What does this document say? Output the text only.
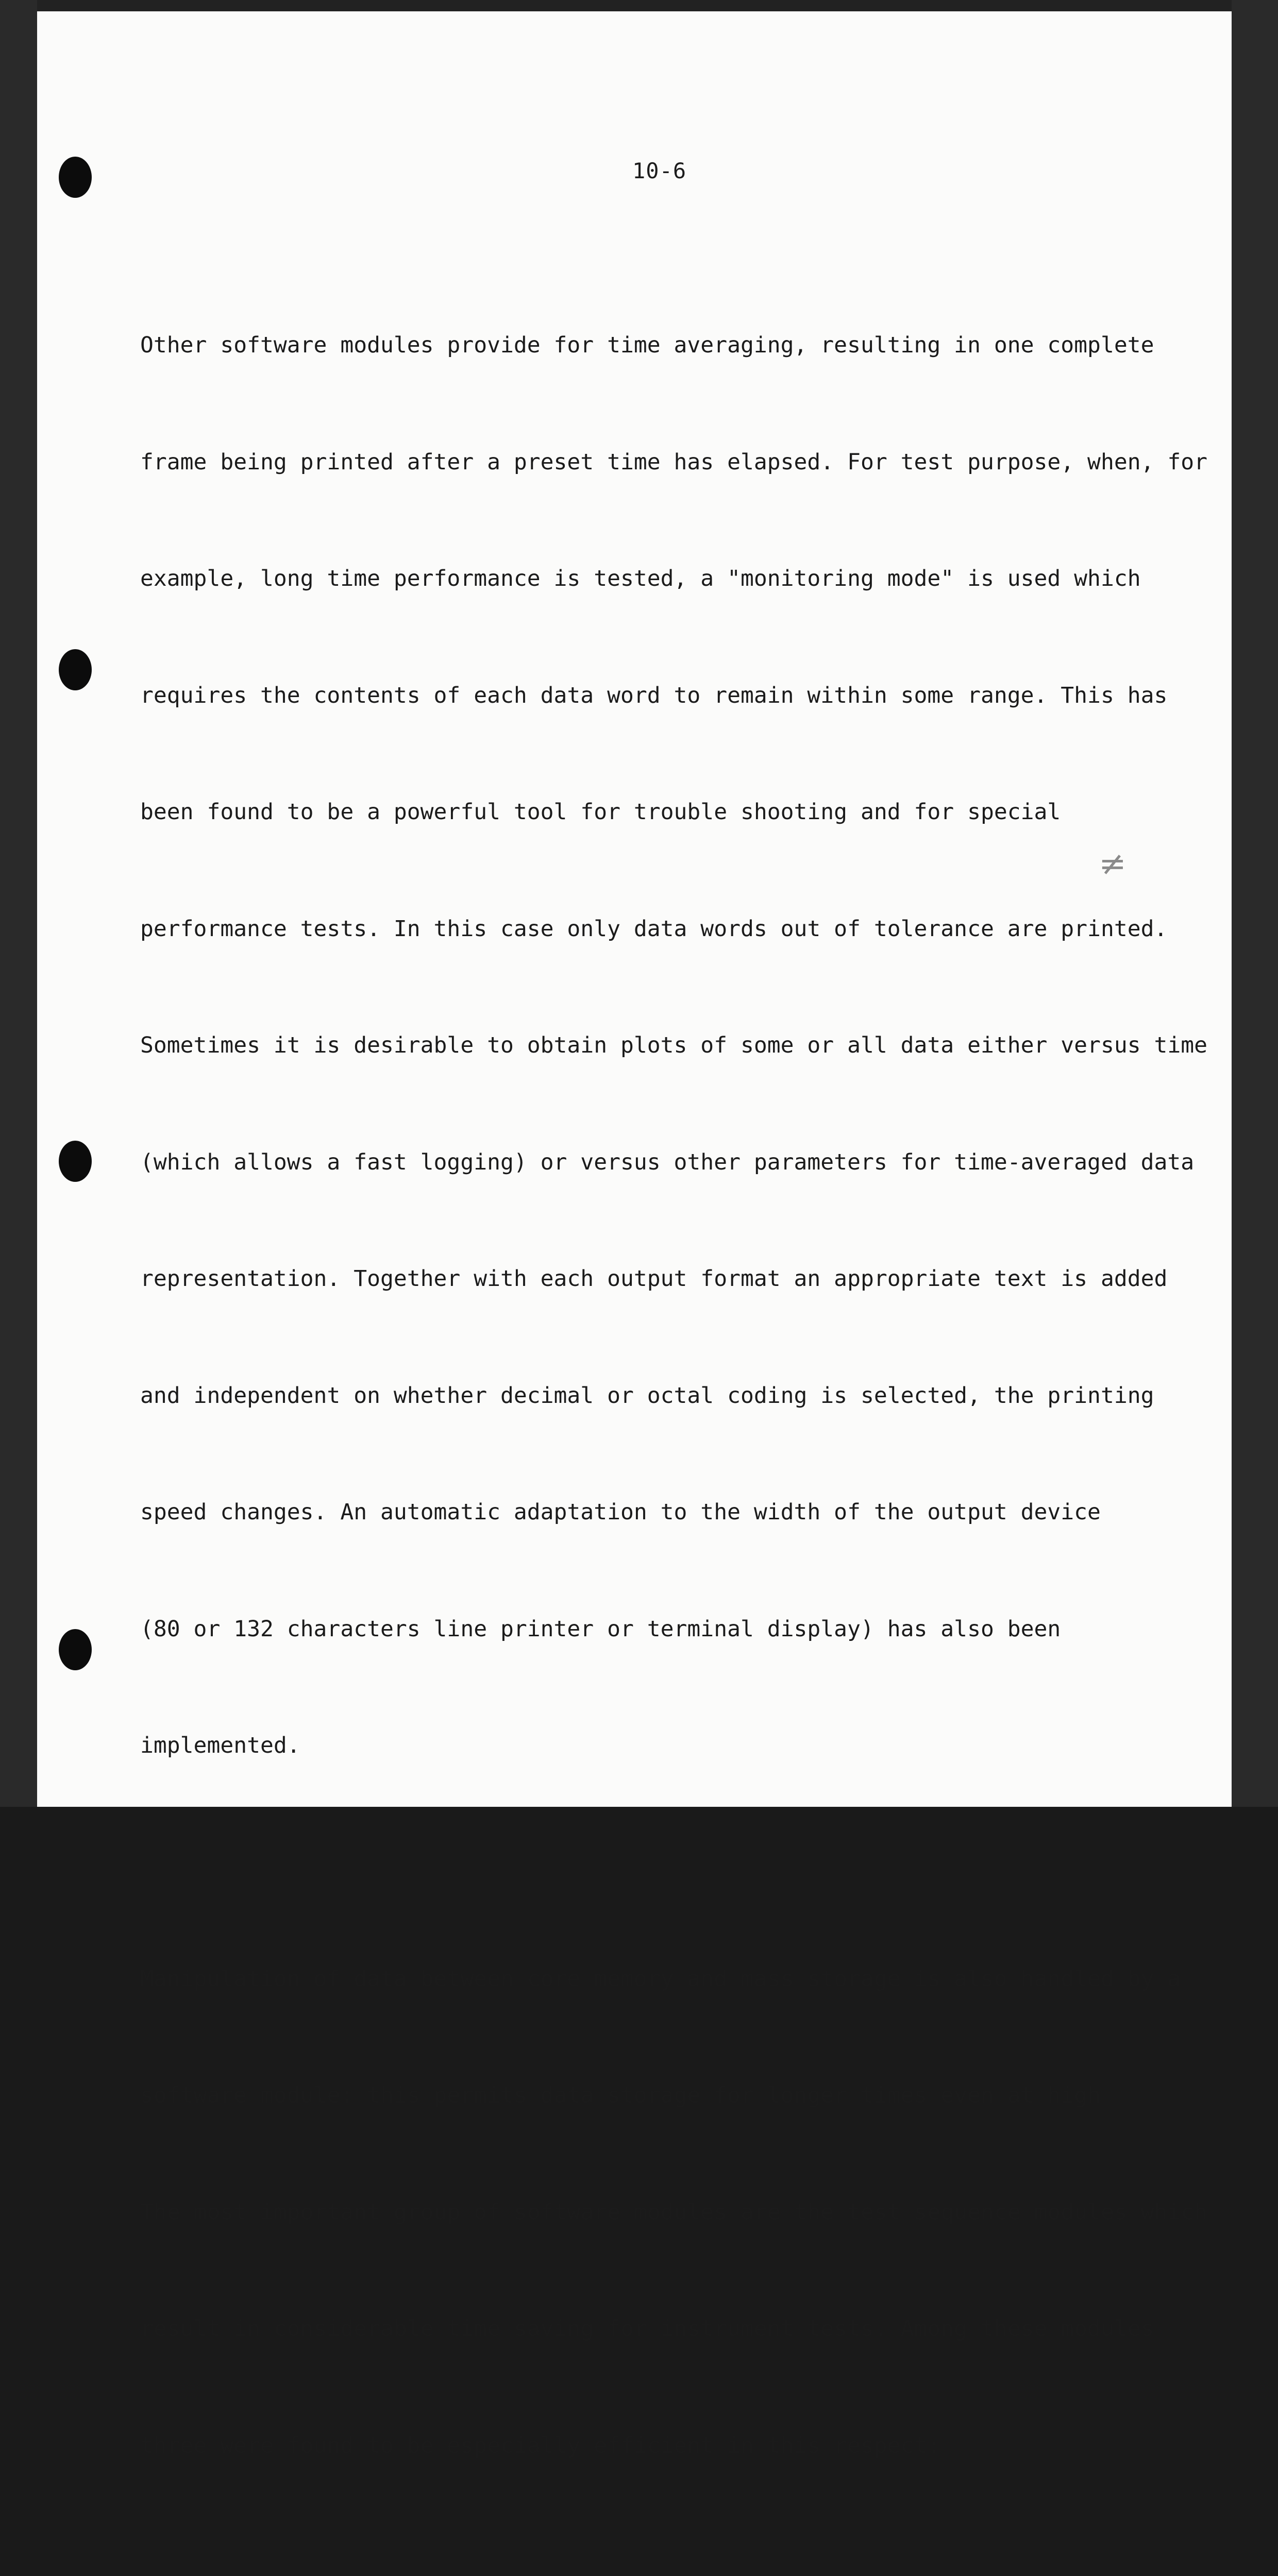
10-6

Other software modules provide for time averaging, resulting in one complete

frame being printed after a preset time has elapsed. For test purpose, when, for

example, long time performance is tested, a "monitoring mode" is used which

requires the contents of each data word to remain within some range. This has

been found to be a powerful tool for trouble shooting and for special

performance tests. In this case only data words out of tolerance are printed.

Sometimes it is desirable to obtain plots of some or all data either versus time

(which allows a fast logging) or versus other parameters for time-averaged data

representation. Together with each output format an appropriate text is added

and independent on whether decimal or octal coding is selected, the printing

speed changes. An automatic adaptation to the width of the output device

(80 or 132 characters line printer or terminal display) has also been

implemented.

Manipulation of data between core memory and mass storage is also handled by a

software module: this permits data storage for longer times even at high

The most important group of software modules are the test sequence modules which

result in considerable time saving for instrument tests. Among these modules

three were found to be especially efficient in this respect:

≠
